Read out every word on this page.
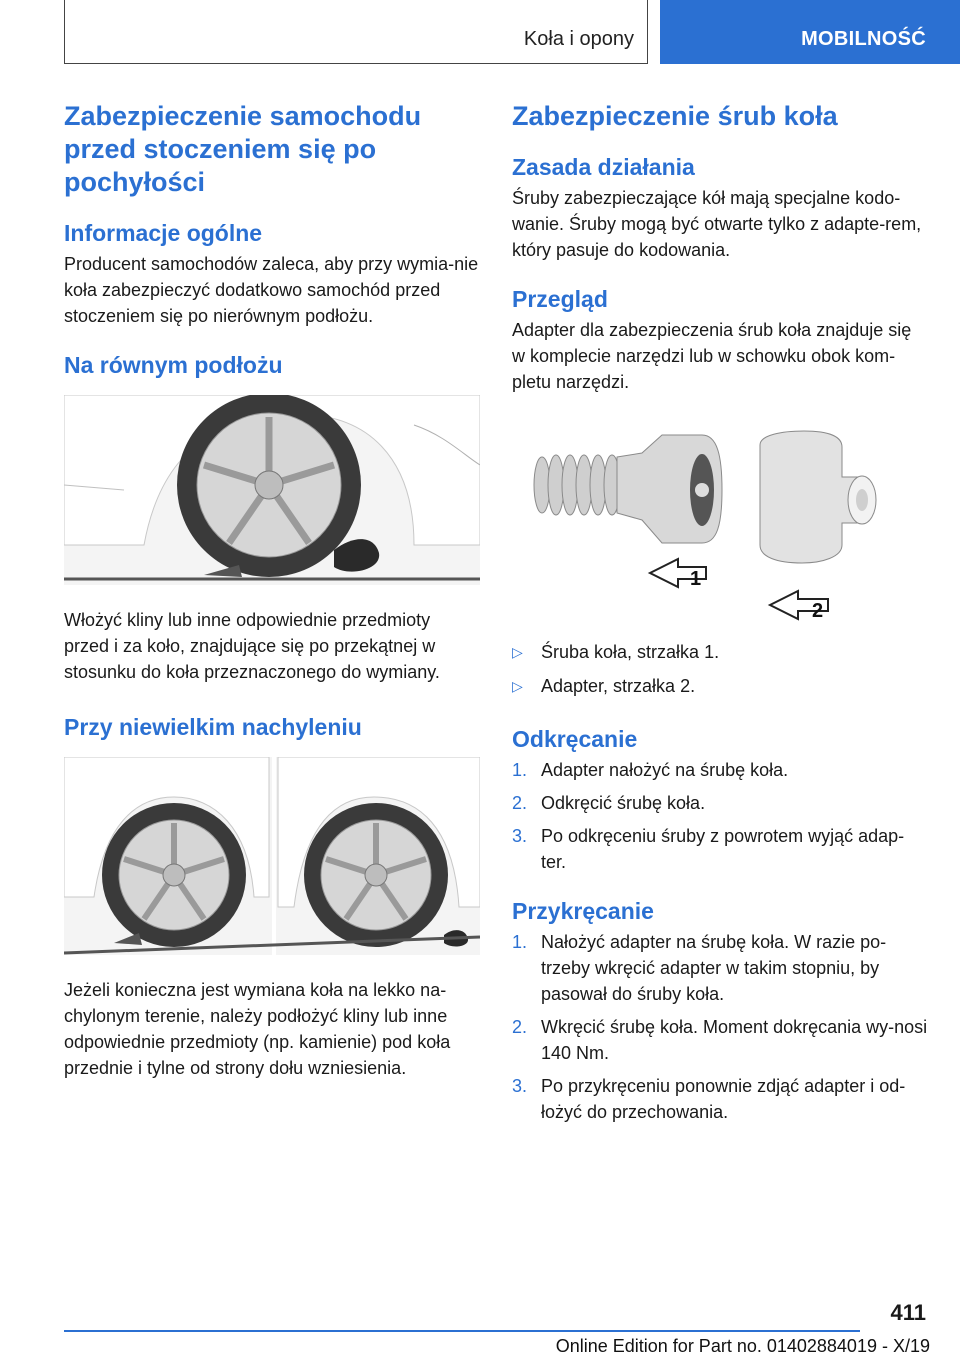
Koła i opony	MOBILNOŚĆ
Zabezpieczenie samochodu przed stoczeniem się po pochyłości
Informacje ogólne

Producent samochodów zaleca, aby przy wymia-nie koła zabezpieczyć dodatkowo samochód przed stoczeniem się po nierównym podłożu.

Na równym podłożu

Włożyć kliny lub inne odpowiednie przedmioty przed i za koło, znajdujące się po przekątnej w stosunku do koła przeznaczonego do wymiany.

Przy niewielkim nachyleniu

Jeżeli konieczna jest wymiana koła na lekko na-chylonym terenie, należy podłożyć kliny lub inne odpowiednie przedmioty (np. kamienie) pod koła przednie i tylne od strony dołu wzniesienia.

Zabezpieczenie śrub koła
Zasada działania

Śruby zabezpieczające kół mają specjalne kodo-wanie. Śruby mogą być otwarte tylko z adapte-rem, który pasuje do kodowania.

Przegląd

Adapter dla zabezpieczenia śrub koła znajduje się w komplecie narzędzi lub w schowku obok kom-pletu narzędzi.

1
2
▷ Śruba koła, strzałka 1.
▷ Adapter, strzałka 2.
Odkręcanie
1. Adapter nałożyć na śrubę koła.
2. Odkręcić śrubę koła.
3. Po odkręceniu śruby z powrotem wyjąć adap-ter.
Przykręcanie
1. Nałożyć adapter na śrubę koła. W razie po-trzeby wkręcić adapter w takim stopniu, by pasował do śruby koła.
2. Wkręcić śrubę koła. Moment dokręcania wy-nosi 140 Nm.
3. Po przykręceniu ponownie zdjąć adapter i od-łożyć do przechowania.
411
Online Edition for Part no. 01402884019 - X/19
